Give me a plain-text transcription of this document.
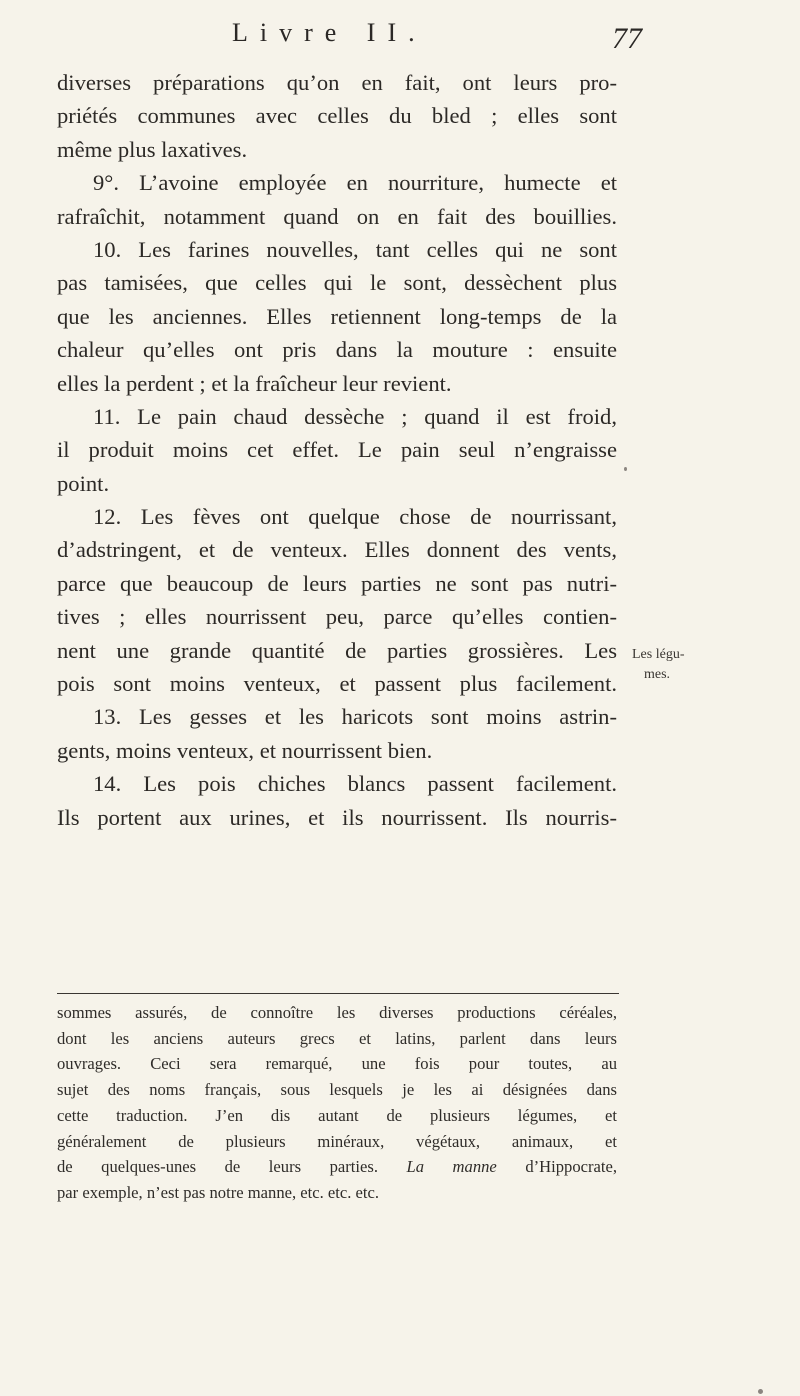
Livre II.	77
diverses préparations qu’on en fait, ont leurs pro-
priétés communes avec celles du bled ; elles sont
même plus laxatives.
9°. L’avoine employée en nourriture, humecte et
rafraîchit, notamment quand on en fait des bouillies.
10. Les farines nouvelles, tant celles qui ne sont
pas tamisées, que celles qui le sont, dessèchent plus
que les anciennes. Elles retiennent long-temps de la
chaleur qu’elles ont pris dans la mouture : ensuite
elles la perdent ; et la fraîcheur leur revient.
11. Le pain chaud dessèche ; quand il est froid,
il produit moins cet effet. Le pain seul n’engraisse
point.
12. Les fèves ont quelque chose de nourrissant,
d’adstringent, et de venteux. Elles donnent des vents,
parce que beaucoup de leurs parties ne sont pas nutri-
tives ; elles nourrissent peu, parce qu’elles contien-
nent une grande quantité de parties grossières. Les
pois sont moins venteux, et passent plus facilement.
13. Les gesses et les haricots sont moins astrin-
gents, moins venteux, et nourrissent bien.
14. Les pois chiches blancs passent facilement.
Ils portent aux urines, et ils nourrissent. Ils nourris-
Les légu-
mes.
sommes assurés, de connoître les diverses productions céréales,
dont les anciens auteurs grecs et latins, parlent dans leurs
ouvrages. Ceci sera remarqué, une fois pour toutes, au
sujet des noms français, sous lesquels je les ai désignées dans
cette traduction. J’en dis autant de plusieurs légumes, et
généralement de plusieurs minéraux, végétaux, animaux, et
de quelques-unes de leurs parties. La manne d’Hippocrate,
par exemple, n’est pas notre manne, etc. etc. etc.
